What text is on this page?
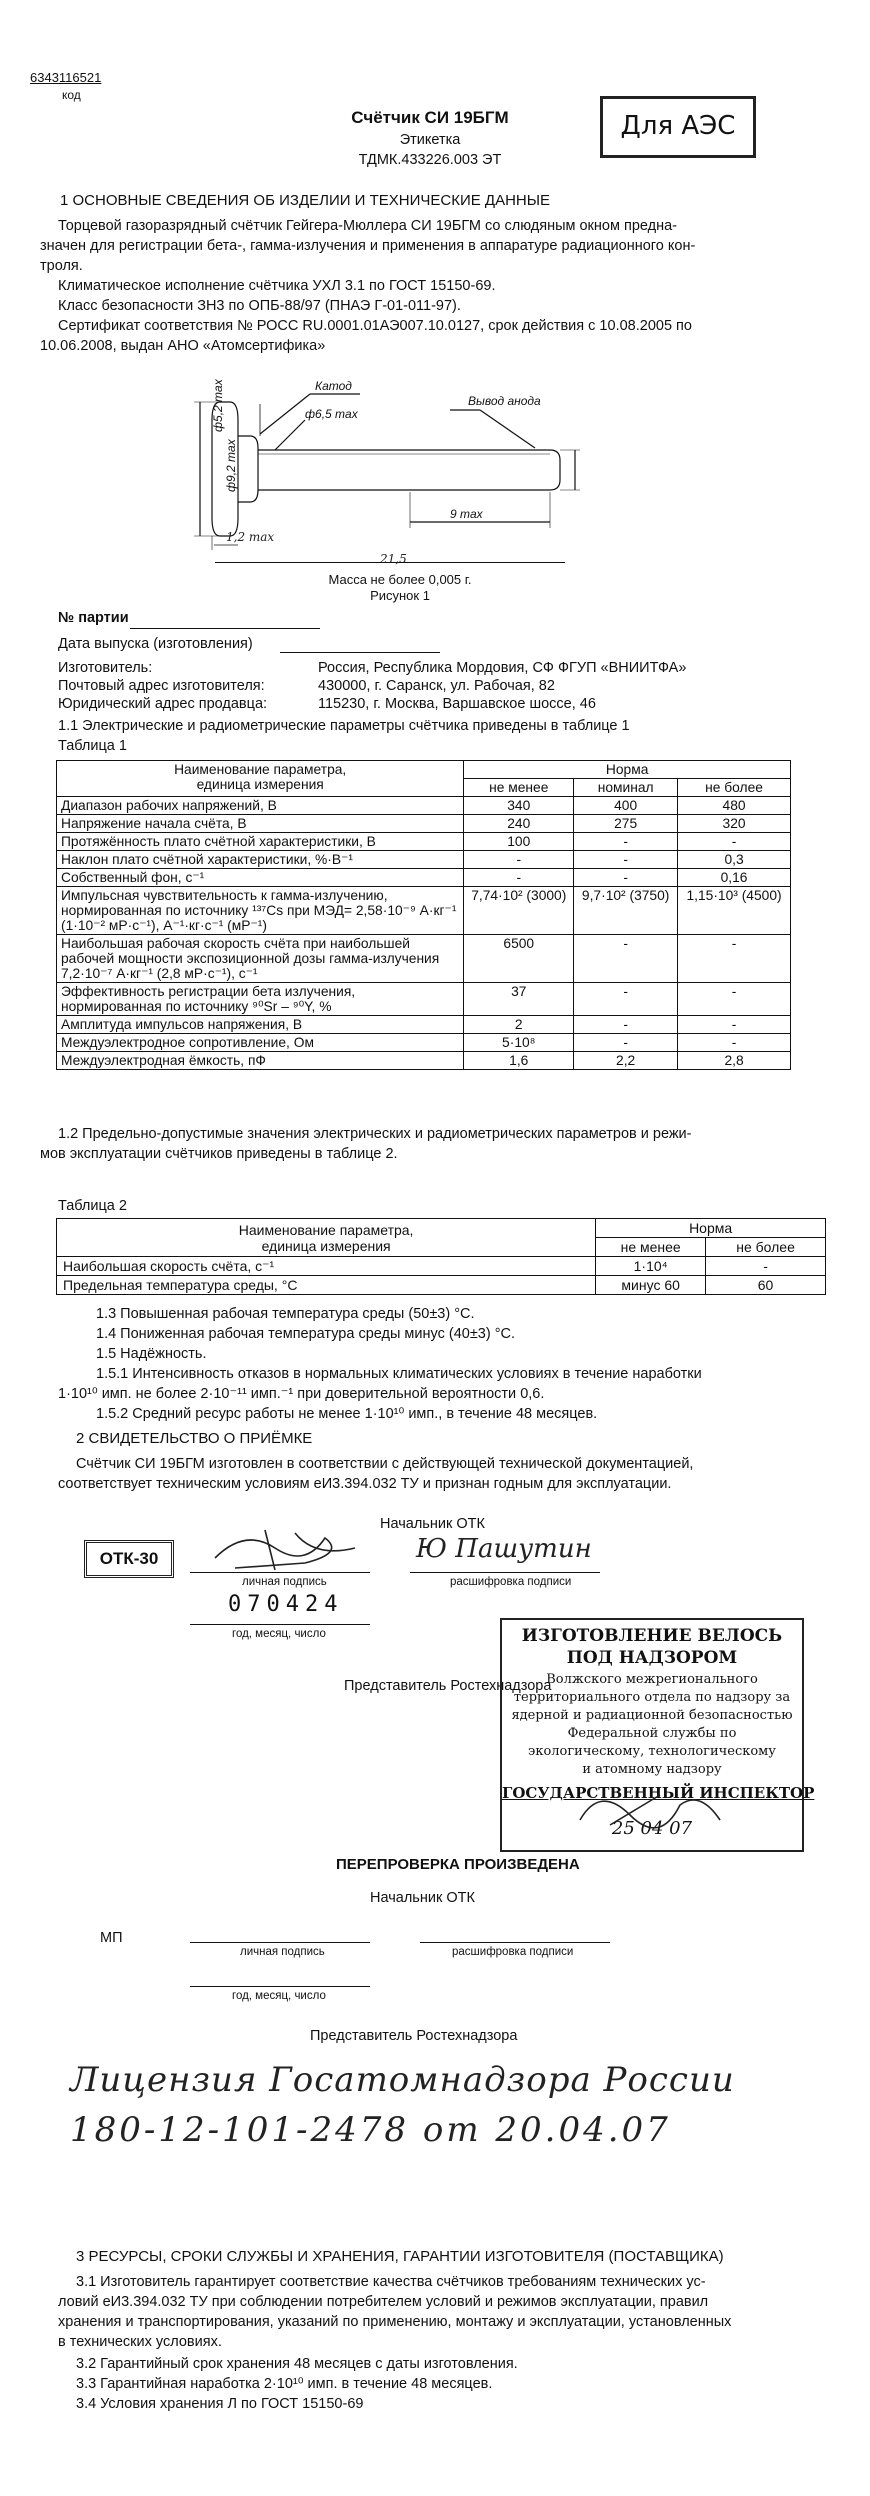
6343116521
код
Счётчик СИ 19БГМ
Этикетка
ТДМК.433226.003 ЭТ
Для АЭС
1 ОСНОВНЫЕ СВЕДЕНИЯ ОБ ИЗДЕЛИИ И ТЕХНИЧЕСКИЕ ДАННЫЕ
Торцевой газоразрядный счётчик Гейгера-Мюллера СИ 19БГМ со слюдяным окном предна-
значен для регистрации бета-, гамма-излучения и применения в аппаратуре радиационного кон-
троля.
Климатическое исполнение счётчика УХЛ 3.1 по ГОСТ 15150-69.
Класс безопасности ЗН3 по ОПБ-88/97 (ПНАЭ Г-01-011-97).
Сертификат соответствия № РОСС RU.0001.01АЭ007.10.0127, срок действия с 10.08.2005 по
10.06.2008, выдан АНО «Атомсертифика»
Катод
Вывод анода
ф6,5 max
9 max
ф9,2 max
ф5,2 max
1,2 max
21,5
Масса не более 0,005 г.
Рисунок 1
№ партии
Дата выпуска (изготовления)
Изготовитель:	Россия, Республика Мордовия, СФ ФГУП «ВНИИТФА»
Почтовый адрес изготовителя:	430000, г. Саранск, ул. Рабочая, 82
Юридический адрес продавца:	115230, г. Москва, Варшавское шоссе, 46
1.1 Электрические и радиометрические параметры счётчика приведены в таблице 1
Таблица 1
Наименование параметра,
единица измерения	Норма		
	не менее	номинал	не более
Диапазон рабочих напряжений, В	340	400	480
Напряжение начала счёта, В	240	275	320
Протяжённость плато счётной характеристики, В	100	-	-
Наклон плато счётной характеристики, %·В⁻¹	-	-	0,3
Собственный фон, с⁻¹	-	-	0,16
Импульсная чувствительность к гамма-излучению, нормированная по источнику ¹³⁷Cs при МЭД= 2,58·10⁻⁹ А·кг⁻¹ (1·10⁻² мР·с⁻¹), А⁻¹·кг·с⁻¹ (мР⁻¹)	7,74·10² (3000)	9,7·10² (3750)	1,15·10³ (4500)
Наибольшая рабочая скорость счёта при наибольшей рабочей мощности экспозиционной дозы гамма-излучения 7,2·10⁻⁷ А·кг⁻¹ (2,8 мР·с⁻¹), с⁻¹	6500	-	-
Эффективность регистрации бета излучения, нормированная по источнику ⁹⁰Sr – ⁹⁰Y, %	37	-	-
Амплитуда импульсов напряжения, В	2	-	-
Междуэлектродное сопротивление, Ом	5·10⁸	-	-
Междуэлектродная ёмкость, пФ	1,6	2,2	2,8
1.2 Предельно-допустимые значения электрических и радиометрических параметров и режи-
мов эксплуатации счётчиков приведены в таблице 2.
Таблица 2
Наименование параметра,
единица измерения	Норма	
	не менее	не более
Наибольшая скорость счёта, с⁻¹	1·10⁴	-
Предельная температура среды, °С	минус 60	60
1.3 Повышенная рабочая температура среды (50±3) °С.
1.4 Пониженная рабочая температура среды минус (40±3) °С.
1.5 Надёжность.
1.5.1 Интенсивность отказов в нормальных климатических условиях в течение наработки
1·10¹⁰ имп. не более 2·10⁻¹¹ имп.⁻¹ при доверительной вероятности 0,6.
1.5.2 Средний ресурс работы не менее 1·10¹⁰ имп., в течение 48 месяцев.
2 СВИДЕТЕЛЬСТВО О ПРИЁМКЕ
Счётчик СИ 19БГМ изготовлен в соответствии с действующей технической документацией,
соответствует техническим условиям еИ3.394.032 ТУ и признан годным для эксплуатации.
Начальник ОТК
ОТК-30
личная подпись
Ю Пашутин
расшифровка подписи
070424
год, месяц, число
Представитель Ростехнадзора
ИЗГОТОВЛЕНИЕ ВЕЛОСЬ
ПОД НАДЗОРОМ
Волжского межрегионального
территориального отдела по надзору за
ядерной и радиационной безопасностью
Федеральной службы по
экологическому, технологическому
и атомному надзору
ГОСУДАРСТВЕННЫЙ ИНСПЕКТОР
25 04 07
ПЕРЕПРОВЕРКА ПРОИЗВЕДЕНА
Начальник ОТК
МП
личная подпись	расшифровка подписи
год, месяц, число
Представитель Ростехнадзора
Лицензия Госатомнадзора России
180-12-101-2478 от 20.04.07
3 РЕСУРСЫ, СРОКИ СЛУЖБЫ И ХРАНЕНИЯ, ГАРАНТИИ ИЗГОТОВИТЕЛЯ (ПОСТАВЩИКА)
3.1 Изготовитель гарантирует соответствие качества счётчиков требованиям технических ус-
ловий еИ3.394.032 ТУ при соблюдении потребителем условий и режимов эксплуатации, правил
хранения и транспортирования, указаний по применению, монтажу и эксплуатации, установленных
в технических условиях.
3.2 Гарантийный срок хранения 48 месяцев с даты изготовления.
3.3 Гарантийная наработка 2·10¹⁰ имп. в течение 48 месяцев.
3.4 Условия хранения Л по ГОСТ 15150-69
